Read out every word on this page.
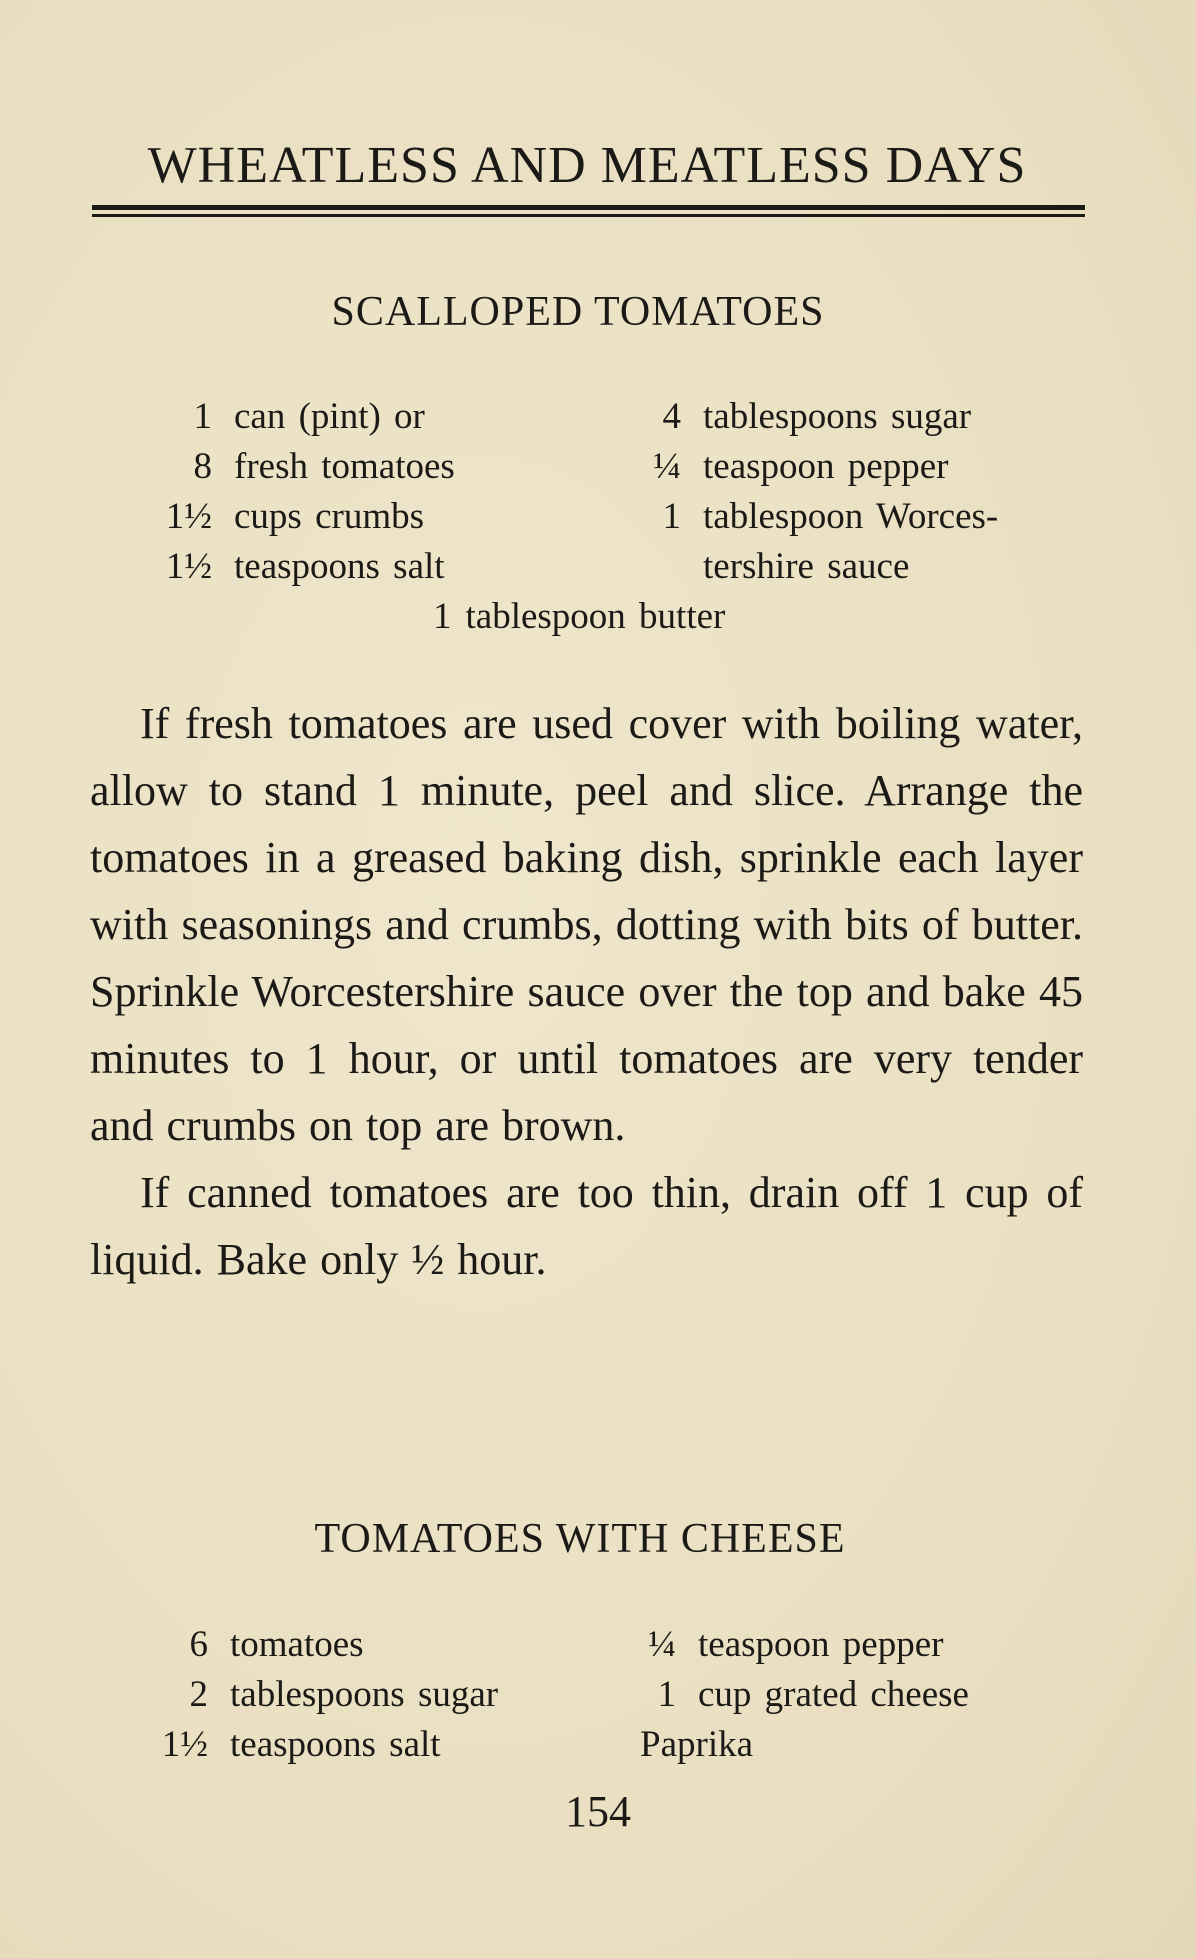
WHEATLESS AND MEATLESS DAYS
SCALLOPED TOMATOES
1 can (pint) or
8 fresh tomatoes
1½ cups crumbs
1½ teaspoons salt
4 tablespoons sugar
¼ teaspoon pepper
1 tablespoon Worces-
tershire sauce
1 tablespoon butter

If fresh tomatoes are used cover with boiling water, allow to stand 1 minute, peel and slice. Arrange the tomatoes in a greased baking dish, sprinkle each layer with seasonings and crumbs, dotting with bits of butter. Sprinkle Worcestershire sauce over the top and bake 45 minutes to 1 hour, or until tomatoes are very tender and crumbs on top are brown.

If canned tomatoes are too thin, drain off 1 cup of liquid. Bake only ½ hour.

TOMATOES WITH CHEESE
6 tomatoes
2 tablespoons sugar
1½ teaspoons salt
¼ teaspoon pepper
1 cup grated cheese
Paprika
154
